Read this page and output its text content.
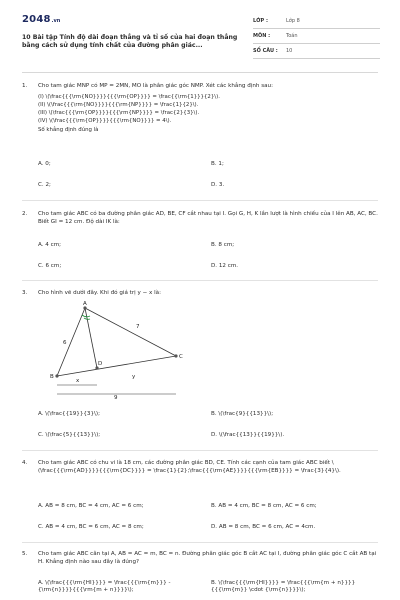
2048.vn
10 Bài tập Tính độ dài đoạn thẳng và tỉ số của hai đoạn thẳng bằng cách sử dụng tính chất của đường phân giác...
LỚP :	Lớp 8
MÔN :	Toán
SỐ CÂU : 10
1. Cho tam giác MNP có MP = 2MN, MO là phân giác góc NMP. Xét các khẳng định sau:
(I) \(\frac{{{\rm{NO}}}}{{{\rm{OP}}}} = \frac{{\rm{1}}}{2}\).
(II) \(\frac{{{\rm{NO}}}}{{{\rm{NP}}}} = \frac{1}{2}\).
(III) \(\frac{{{\rm{OP}}}}{{{\rm{NP}}}} = \frac{2}{3}\).
(IV) \(\frac{{{\rm{OP}}}}{{{\rm{NO}}}} = 4\).
Số khẳng định đúng là
A. 0;	B. 1;
C. 2;	D. 3.
2. Cho tam giác ABC có ba đường phân giác AD, BE, CF cắt nhau tại I. Gọi G, H, K lần lượt là hình chiếu của I lên AB, AC, BC. Biết GI = 12 cm. Độ dài IK là:
A. 4 cm;	B. 8 cm;
C. 6 cm;	D. 12 cm.
3. Cho hình vẽ dưới đây. Khi đó giá trị y − x là:
A
B
C
D
6
7
x
y
9
A. \(\frac{{19}}{3}\);	B. \(\frac{9}{{13}}\);
C. \(\frac{5}{{13}}\);	D. \(\frac{{13}}{{19}}\).
4. Cho tam giác ABC có chu vi là 18 cm, các đường phân giác BD, CE. Tính các cạnh của tam giác ABC biết \(\frac{{{\rm{AD}}}}{{{\rm{DC}}}} = \frac{1}{2};\frac{{{\rm{AE}}}}{{{\rm{EB}}}} = \frac{3}{4}\).
A. AB = 8 cm, BC = 4 cm, AC = 6 cm;	B. AB = 4 cm, BC = 8 cm, AC = 6 cm;
C. AB = 4 cm, BC = 6 cm, AC = 8 cm;	D. AB = 8 cm, BC = 6 cm, AC = 4cm.
5. Cho tam giác ABC cân tại A, AB = AC = m, BC = n. Đường phân giác góc B cắt AC tại I, đường phân giác góc C cắt AB tại H. Khẳng định nào sau đây là đúng?
A. \(\frac{{{\rm{HI}}}} = \frac{{{\rm{m}}} - {\rm{n}}}}{{{\rm{m + n}}}}\);
B. \(\frac{{{\rm{HI}}}} = \frac{{{\rm{m + n}}}}{{{\rm{m}} \cdot {\rm{n}}}}\);
